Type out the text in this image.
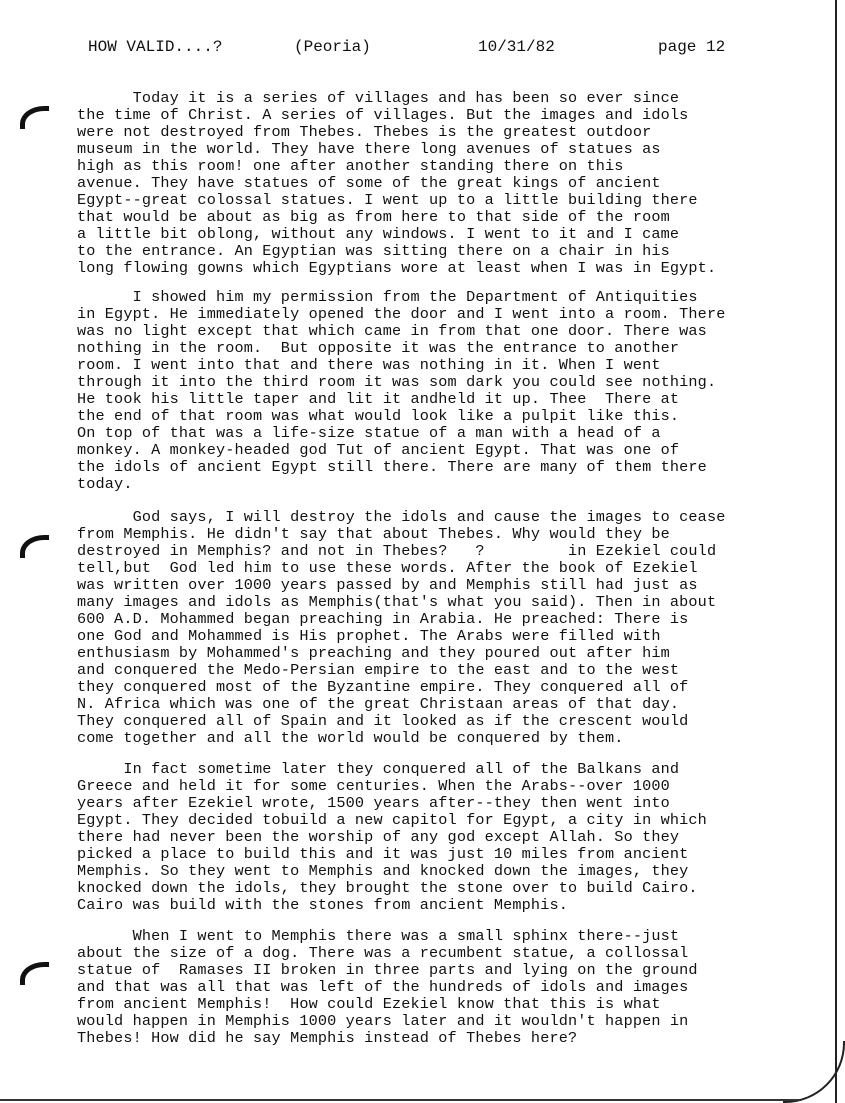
HOW VALID....?

	(Peoria)

	10/31/82

	page 12

Today it is a series of villages and has been so ever since
the time of Christ. A series of villages. But the images and idols
were not destroyed from Thebes. Thebes is the greatest outdoor
museum in the world. They have there long avenues of statues as
high as this room! one after another standing there on this
avenue. They have statues of some of the great kings of ancient
Egypt--great colossal statues. I went up to a little building there
that would be about as big as from here to that side of the room
a little bit oblong, without any windows. I went to it and I came
to the entrance. An Egyptian was sitting there on a chair in his
long flowing gowns which Egyptians wore at least when I was in Egypt.
I showed him my permission from the Department of Antiquities
in Egypt. He immediately opened the door and I went into a room. There
was no light except that which came in from that one door. There was
nothing in the room.  But opposite it was the entrance to another
room. I went into that and there was nothing in it. When I went
through it into the third room it was som dark you could see nothing.
He took his little taper and lit it andheld it up. Thee  There at
the end of that room was what would look like a pulpit like this.
On top of that was a life-size statue of a man with a head of a
monkey. A monkey-headed god Tut of ancient Egypt. That was one of
the idols of ancient Egypt still there. There are many of them there
today.
God says, I will destroy the idols and cause the images to cease
from Memphis. He didn't say that about Thebes. Why would they be
destroyed in Memphis? and not in Thebes?   ?         in Ezekiel could
tell,but  God led him to use these words. After the book of Ezekiel
was written over 1000 years passed by and Memphis still had just as
many images and idols as Memphis(that's what you said). Then in about
600 A.D. Mohammed began preaching in Arabia. He preached: There is
one God and Mohammed is His prophet. The Arabs were filled with
enthusiasm by Mohammed's preaching and they poured out after him
and conquered the Medo-Persian empire to the east and to the west
they conquered most of the Byzantine empire. They conquered all of
N. Africa which was one of the great Christaan areas of that day.
They conquered all of Spain and it looked as if the crescent would
come together and all the world would be conquered by them.
In fact sometime later they conquered all of the Balkans and
Greece and held it for some centuries. When the Arabs--over 1000
years after Ezekiel wrote, 1500 years after--they then went into
Egypt. They decided tobuild a new capitol for Egypt, a city in which
there had never been the worship of any god except Allah. So they
picked a place to build this and it was just 10 miles from ancient
Memphis. So they went to Memphis and knocked down the images, they
knocked down the idols, they brought the stone over to build Cairo.
Cairo was build with the stones from ancient Memphis.
When I went to Memphis there was a small sphinx there--just
about the size of a dog. There was a recumbent statue, a collossal
statue of  Ramases II broken in three parts and lying on the ground
and that was all that was left of the hundreds of idols and images
from ancient Memphis!  How could Ezekiel know that this is what
would happen in Memphis 1000 years later and it wouldn't happen in
Thebes! How did he say Memphis instead of Thebes here?
